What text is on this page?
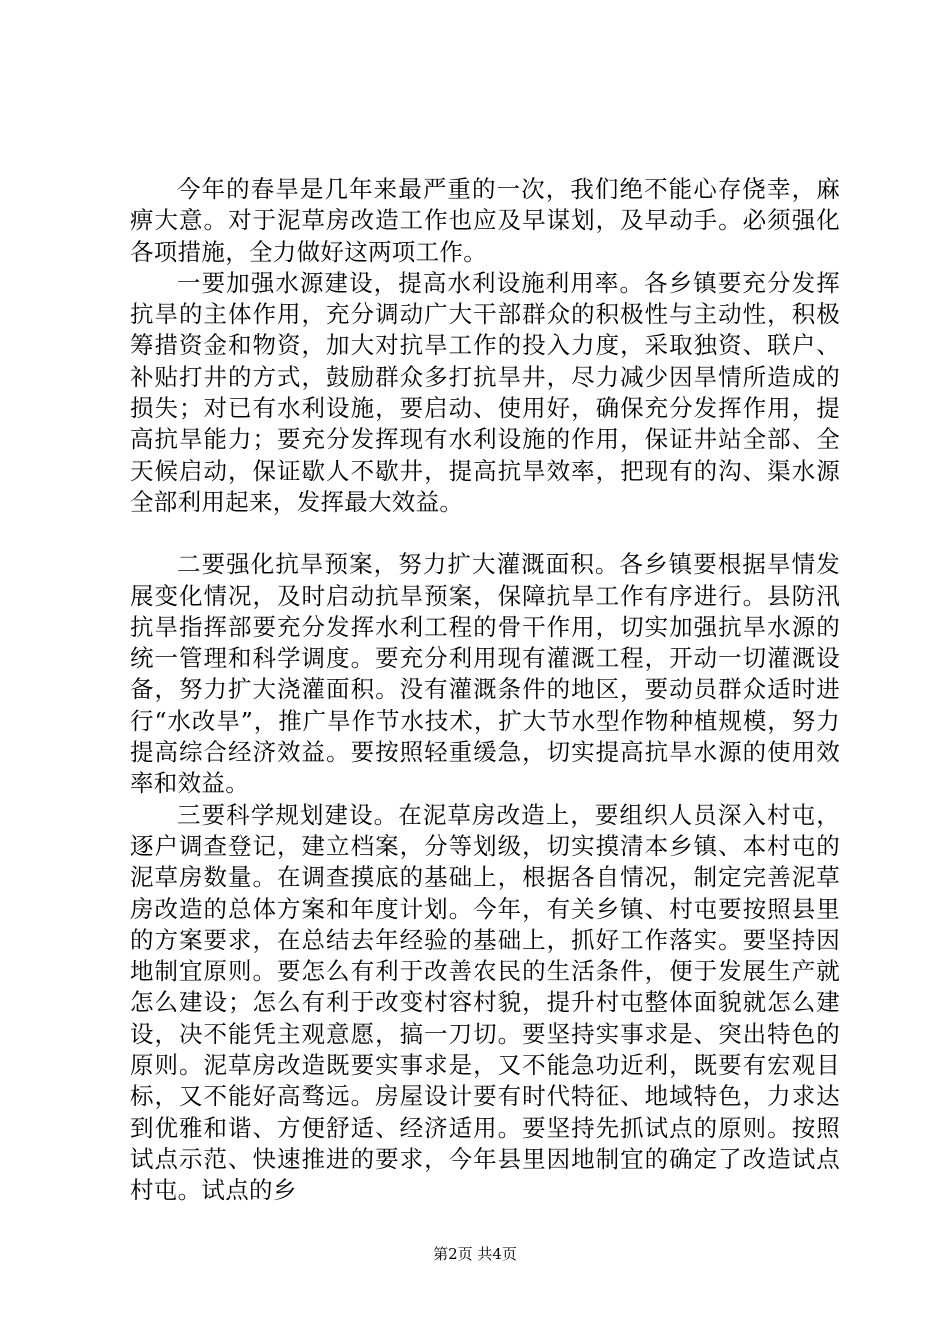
今年的春旱是几年来最严重的一次，我们绝不能心存侥幸，麻痹大意。对于泥草房改造工作也应及早谋划，及早动手。必须强化各项措施，全力做好这两项工作。

一要加强水源建设，提高水利设施利用率。各乡镇要充分发挥抗旱的主体作用，充分调动广大干部群众的积极性与主动性，积极筹措资金和物资，加大对抗旱工作的投入力度，采取独资、联户、补贴打井的方式，鼓励群众多打抗旱井，尽力减少因旱情所造成的损失；对已有水利设施，要启动、使用好，确保充分发挥作用，提高抗旱能力；要充分发挥现有水利设施的作用，保证井站全部、全天候启动，保证歇人不歇井，提高抗旱效率，把现有的沟、渠水源全部利用起来，发挥最大效益。

二要强化抗旱预案，努力扩大灌溉面积。各乡镇要根据旱情发展变化情况，及时启动抗旱预案，保障抗旱工作有序进行。县防汛抗旱指挥部要充分发挥水利工程的骨干作用，切实加强抗旱水源的统一管理和科学调度。要充分利用现有灌溉工程，开动一切灌溉设备，努力扩大浇灌面积。没有灌溉条件的地区，要动员群众适时进行“水改旱”，推广旱作节水技术，扩大节水型作物种植规模，努力提高综合经济效益。要按照轻重缓急，切实提高抗旱水源的使用效率和效益。

三要科学规划建设。在泥草房改造上，要组织人员深入村屯，逐户调查登记，建立档案，分等划级，切实摸清本乡镇、本村屯的泥草房数量。在调查摸底的基础上，根据各自情况，制定完善泥草房改造的总体方案和年度计划。今年，有关乡镇、村屯要按照县里的方案要求，在总结去年经验的基础上，抓好工作落实。要坚持因地制宜原则。要怎么有利于改善农民的生活条件，便于发展生产就怎么建设；怎么有利于改变村容村貌，提升村屯整体面貌就怎么建设，决不能凭主观意愿，搞一刀切。要坚持实事求是、突出特色的原则。泥草房改造既要实事求是，又不能急功近利，既要有宏观目标，又不能好高骛远。房屋设计要有时代特征、地域特色，力求达到优雅和谐、方便舒适、经济适用。要坚持先抓试点的原则。按照试点示范、快速推进的要求，今年县里因地制宜的确定了改造试点村屯。试点的乡

第2页 共4页
